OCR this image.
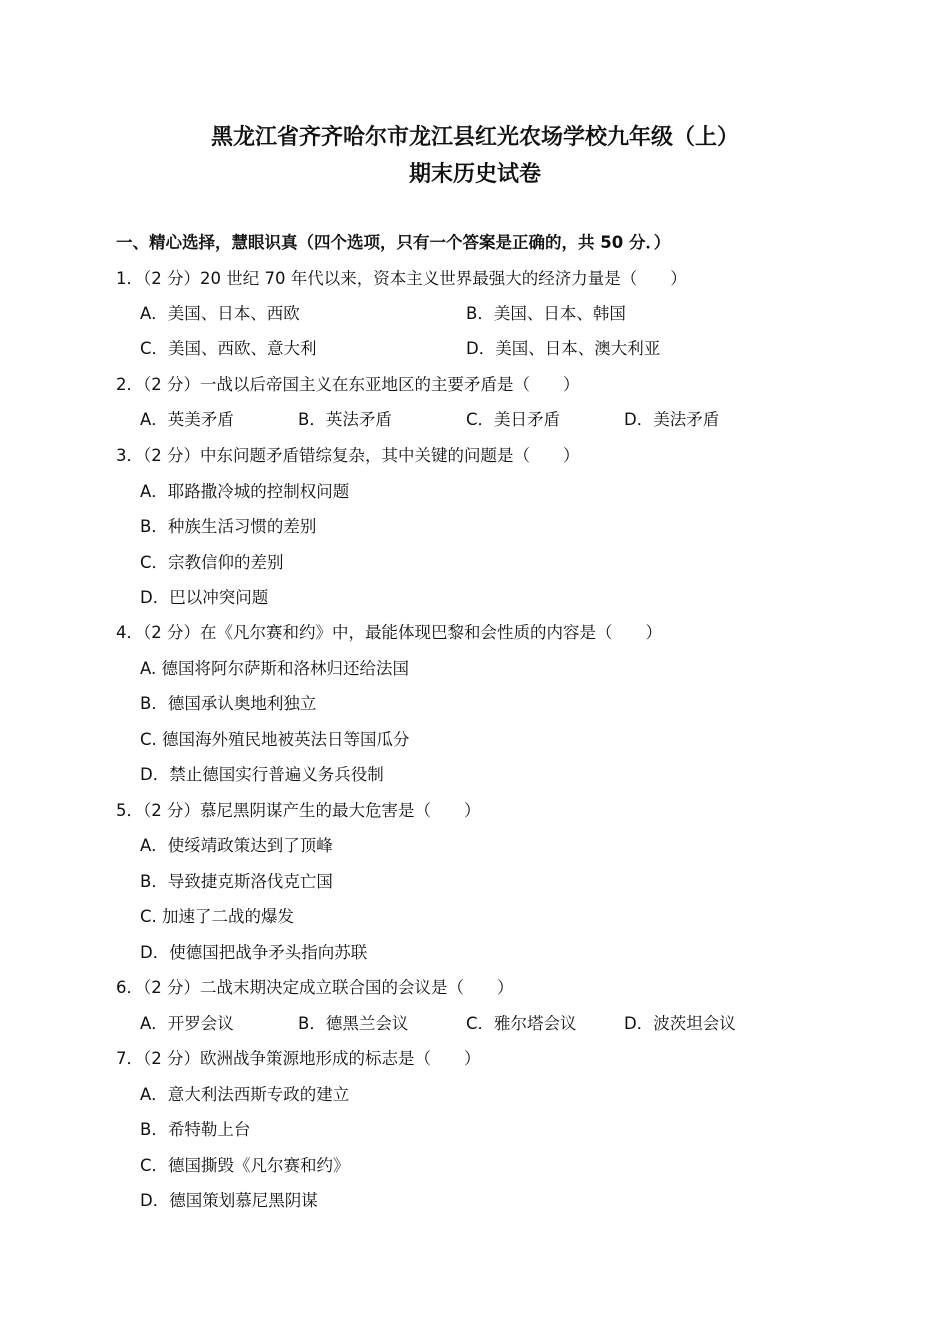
黑龙江省齐齐哈尔市龙江县红光农场学校九年级（上）
期末历史试卷
一、精心选择，慧眼识真（四个选项，只有一个答案是正确的，共 50 分．）
1．（2 分）20 世纪 70 年代以来，资本主义世界最强大的经济力量是（　　）
A．美国、日本、西欧	B．美国、日本、韩国
C．美国、西欧、意大利	D．美国、日本、澳大利亚
2．（2 分）一战以后帝国主义在东亚地区的主要矛盾是（　　）
A．英美矛盾	B．英法矛盾	C．美日矛盾	D．美法矛盾
3．（2 分）中东问题矛盾错综复杂，其中关键的问题是（　　）
A．耶路撒冷城的控制权问题
B．种族生活习惯的差别
C．宗教信仰的差别
D．巴以冲突问题
4．（2 分）在《凡尔赛和约》中，最能体现巴黎和会性质的内容是（　　）
A. 德国将阿尔萨斯和洛林归还给法国
B．德国承认奥地利独立
C. 德国海外殖民地被英法日等国瓜分
D．禁止德国实行普遍义务兵役制
5．（2 分）慕尼黑阴谋产生的最大危害是（　　）
A．使绥靖政策达到了顶峰
B．导致捷克斯洛伐克亡国
C. 加速了二战的爆发
D．使德国把战争矛头指向苏联
6．（2 分）二战末期决定成立联合国的会议是（　　）
A．开罗会议	B．德黑兰会议	C．雅尔塔会议	D．波茨坦会议
7．（2 分）欧洲战争策源地形成的标志是（　　）
A．意大利法西斯专政的建立
B．希特勒上台
C．德国撕毁《凡尔赛和约》
D．德国策划慕尼黑阴谋
